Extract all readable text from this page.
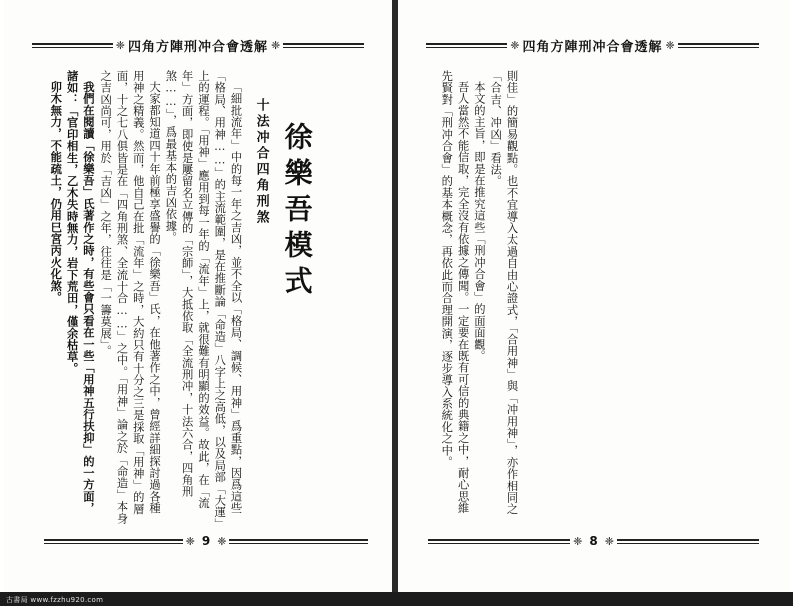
❈ 四角方陣刑冲合會透解 ❈

徐樂吾模式

十法冲合四角刑煞

「細批流年」中的每一年之吉凶，並不全以「格局、調候、用神」爲重點，因爲這些「格局、用神……」的主流範圍，是在推斷論「命造」八字上之高低，以及局部「大運」上的運程。「用神」應用到每一年的「流年」上，就很難有明顯的效益。故此，在「流年」方面，即使是屢留名立傳的「宗師」，大抵依取「全流刑冲，十法六合，四角刑煞……」，爲最基本的吉凶依據。

大家都知道四十年前極享盛譽的「徐樂吾」氏，在他著作之中，曾經詳細探討過各種用神之精義。然而，他自己在批「流年」之時，大約只有十分之三是採取「用神」的層面，十之七八俱皆是在「四角刑煞、全流十合……」之中。「用神」論之於「命造」本身之吉凶尚可，用於「吉凶」之年，往往是「一籌莫展」。

我們在閱讀「徐樂吾」氏著作之時，有些會只看在一些「用神五行扶抑」的一方面，諸如：「官印相生，乙木失時無力，岩下荒田，僅余枯草。

卯木無力，不能疏土，仍用巳宮丙火化煞。

❈ 9 ❈
❈ 四角方陣刑冲合會透解 ❈

則佳」的簡易觀點。也不宜導入太過自由心證式，「合用神」與「冲用神」，亦作相同之「合吉、冲凶」看法。

本文的主旨，即是在推究這些「刑冲合會」的面面觀。

吾人當然不能信取，完全沒有依據之傳聞。一定要在既有可信的典籍之中，耐心思維先賢對「刑冲合會」的基本概念，再依此而合理開演，逐步導入系統化之中。

❈ 8 ❈
古書局 www.fzzhu920.com
